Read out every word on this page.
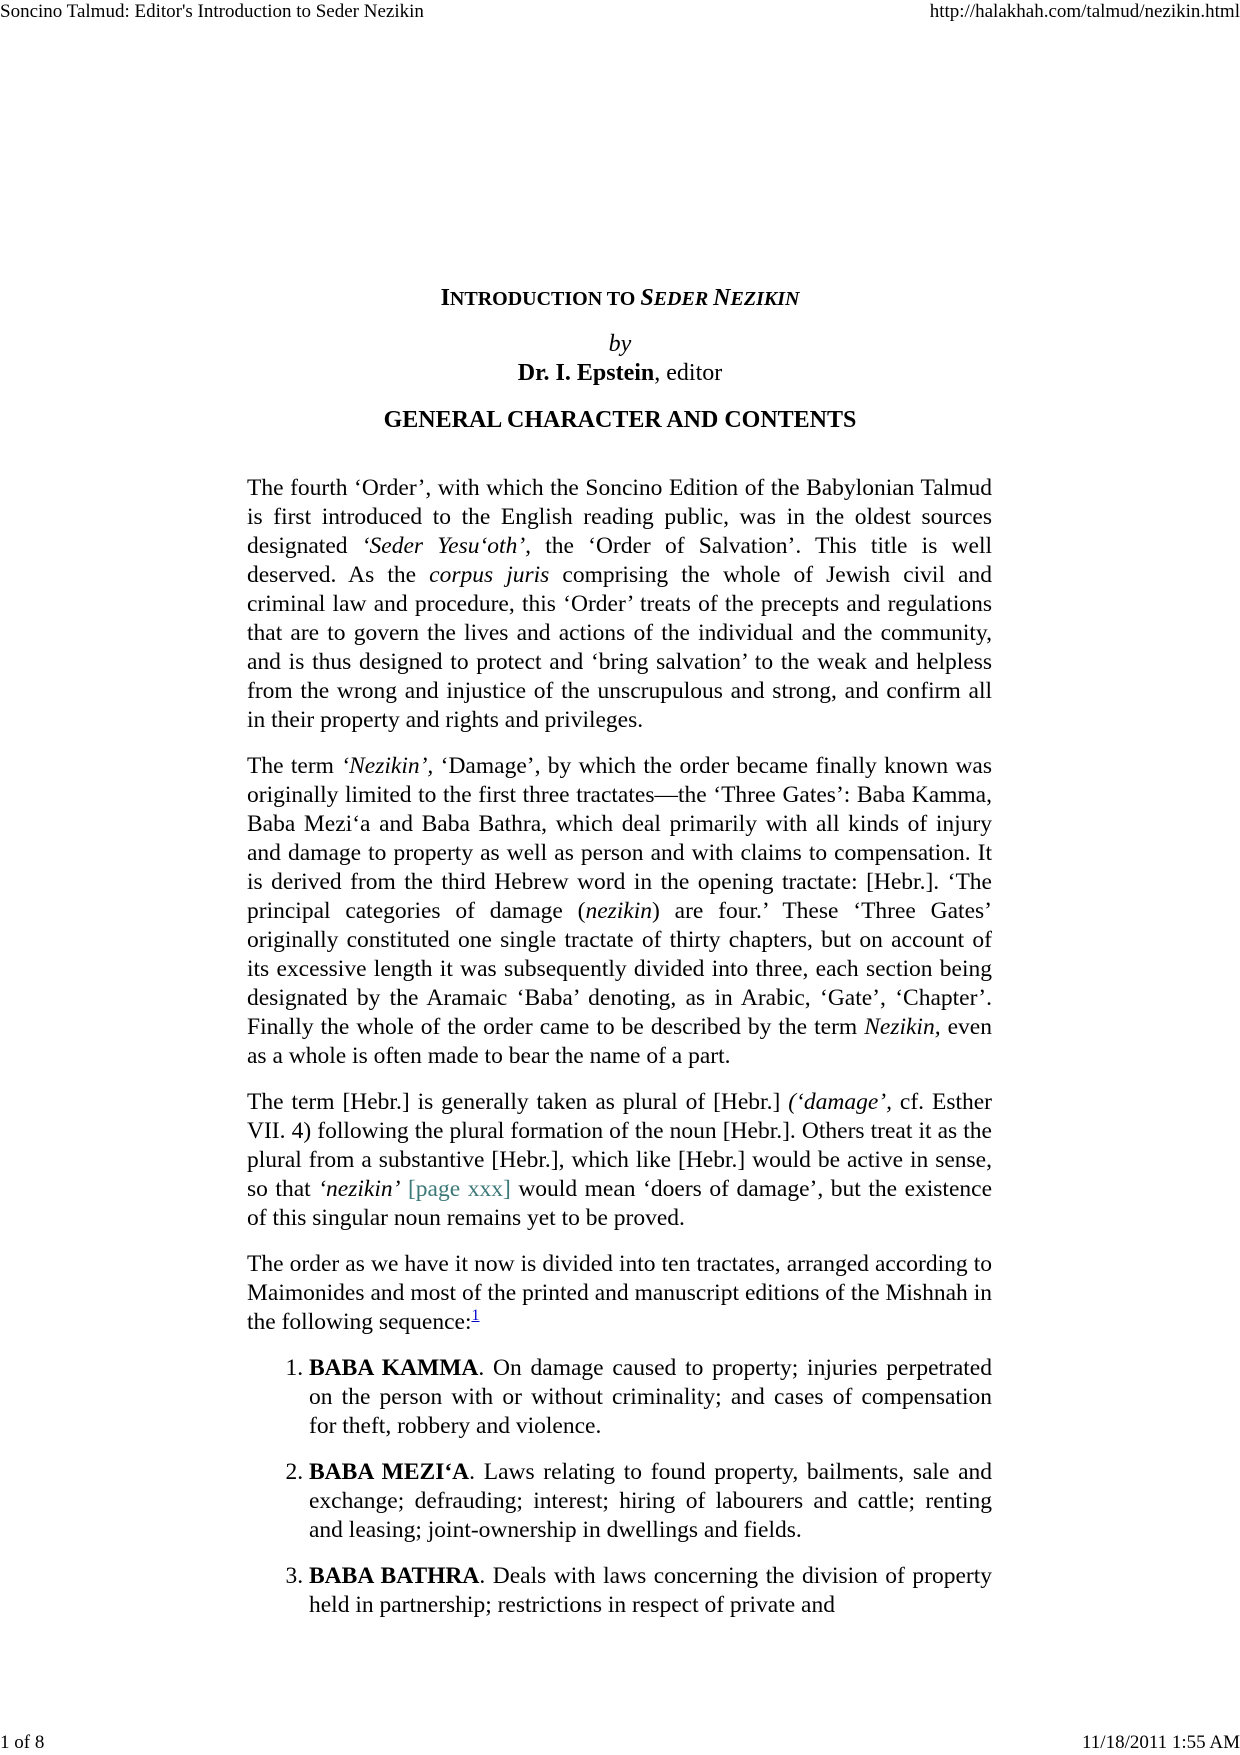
Soncino Talmud: Editor's Introduction to Seder Nezikin	http://halakhah.com/talmud/nezikin.html
INTRODUCTION TO SEDER NEZIKIN
by
Dr. I. Epstein, editor
GENERAL CHARACTER AND CONTENTS

The fourth ‘Order’, with which the Soncino Edition of the Babylonian Talmud is first introduced to the English reading public, was in the oldest sources designated ‘Seder Yesu‘oth’, the ‘Order of Salvation’. This title is well deserved. As the corpus juris comprising the whole of Jewish civil and criminal law and procedure, this ‘Order’ treats of the precepts and regulations that are to govern the lives and actions of the individual and the community, and is thus designed to protect and ‘bring salvation’ to the weak and helpless from the wrong and injustice of the unscrupulous and strong, and confirm all in their property and rights and privileges.

The term ‘Nezikin’, ‘Damage’, by which the order became finally known was originally limited to the first three tractates—the ‘Three Gates’: Baba Kamma, Baba Mezi‘a and Baba Bathra, which deal primarily with all kinds of injury and damage to property as well as person and with claims to compensation. It is derived from the third Hebrew word in the opening tractate: [Hebr.]. ‘The principal categories of damage (nezikin) are four.’ These ‘Three Gates’ originally constituted one single tractate of thirty chapters, but on account of its excessive length it was subsequently divided into three, each section being designated by the Aramaic ‘Baba’ denoting, as in Arabic, ‘Gate’, ‘Chapter’. Finally the whole of the order came to be described by the term Nezikin, even as a whole is often made to bear the name of a part.

The term [Hebr.] is generally taken as plural of [Hebr.] (‘damage’, cf. Esther VII. 4) following the plural formation of the noun [Hebr.]. Others treat it as the plural from a substantive [Hebr.], which like [Hebr.] would be active in sense, so that ‘nezikin’ [page xxx] would mean ‘doers of damage’, but the existence of this singular noun remains yet to be proved.

The order as we have it now is divided into ten tractates, arranged according to Maimonides and most of the printed and manuscript editions of the Mishnah in the following sequence:$^1$

1. BABA KAMMA. On damage caused to property; injuries perpetrated on the person with or without criminality; and cases of compensation for theft, robbery and violence.
2. BABA MEZI‘A. Laws relating to found property, bailments, sale and exchange; defrauding; interest; hiring of labourers and cattle; renting and leasing; joint-ownership in dwellings and fields.
3. BABA BATHRA. Deals with laws concerning the division of property held in partnership; restrictions in respect of private and
1 of 8	11/18/2011 1:55 AM
